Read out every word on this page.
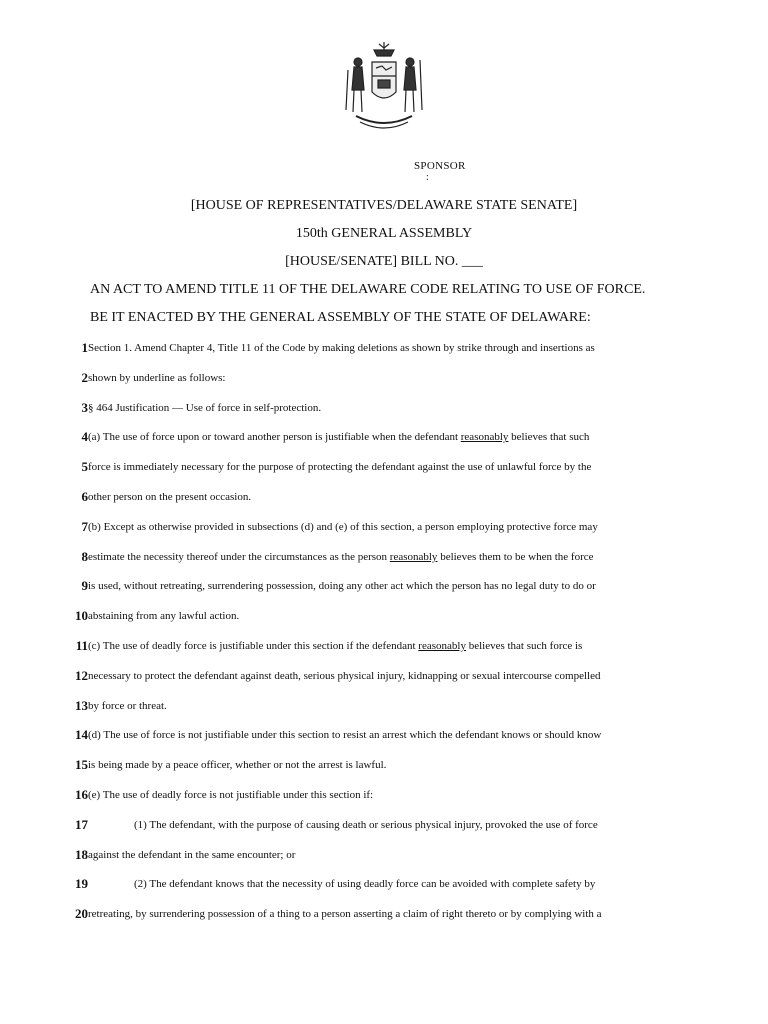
SPONSOR
:
[HOUSE OF REPRESENTATIVES/DELAWARE STATE SENATE]
150th GENERAL ASSEMBLY
[HOUSE/SENATE] BILL NO. ___
AN ACT TO AMEND TITLE 11 OF THE DELAWARE CODE RELATING TO USE OF FORCE.
BE IT ENACTED BY THE GENERAL ASSEMBLY OF THE STATE OF DELAWARE:
1 Section 1. Amend Chapter 4, Title 11 of the Code by making deletions as shown by strike through and insertions as
2 shown by underline as follows:
3 § 464 Justification — Use of force in self-protection.
4 (a) The use of force upon or toward another person is justifiable when the defendant reasonably believes that such
5 force is immediately necessary for the purpose of protecting the defendant against the use of unlawful force by the
6 other person on the present occasion.
7 (b) Except as otherwise provided in subsections (d) and (e) of this section, a person employing protective force may
8 estimate the necessity thereof under the circumstances as the person reasonably believes them to be when the force
9 is used, without retreating, surrendering possession, doing any other act which the person has no legal duty to do or
10 abstaining from any lawful action.
11 (c) The use of deadly force is justifiable under this section if the defendant reasonably believes that such force is
12 necessary to protect the defendant against death, serious physical injury, kidnapping or sexual intercourse compelled
13 by force or threat.
14 (d) The use of force is not justifiable under this section to resist an arrest which the defendant knows or should know
15 is being made by a peace officer, whether or not the arrest is lawful.
16 (e) The use of deadly force is not justifiable under this section if:
17	(1) The defendant, with the purpose of causing death or serious physical injury, provoked the use of force
18 against the defendant in the same encounter; or
19	(2) The defendant knows that the necessity of using deadly force can be avoided with complete safety by
20 retreating, by surrendering possession of a thing to a person asserting a claim of right thereto or by complying with a
